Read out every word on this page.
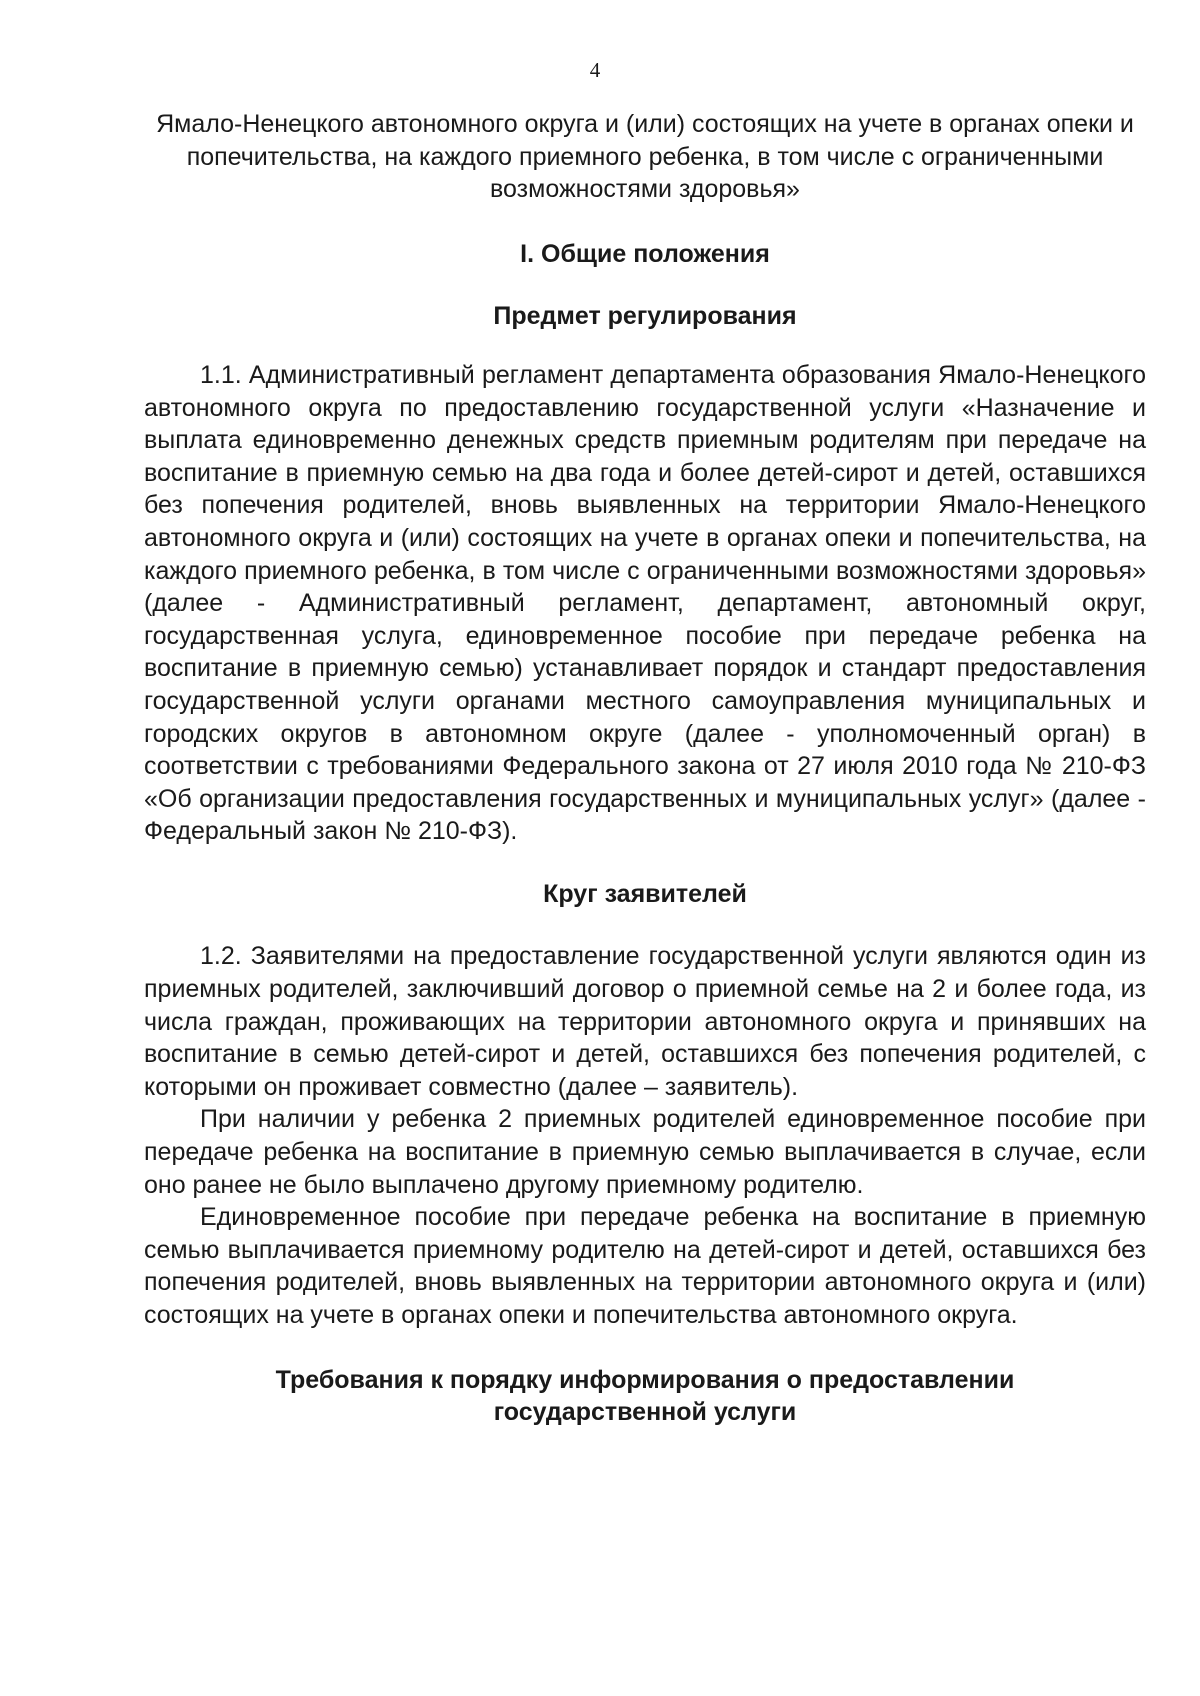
4

Ямало-Ненецкого автономного округа и (или) состоящих на учете в органах опеки и попечительства, на каждого приемного ребенка, в том числе с ограниченными возможностями здоровья»

I. Общие положения

Предмет регулирования

1.1. Административный регламент департамента образования Ямало-Ненецкого автономного округа по предоставлению государственной услуги «Назначение и выплата единовременно денежных средств приемным родителям при передаче на воспитание в приемную семью на два года и более детей-сирот и детей, оставшихся без попечения родителей, вновь выявленных на территории Ямало-Ненецкого автономного округа и (или) состоящих на учете в органах опеки и попечительства, на каждого приемного ребенка, в том числе с ограниченными возможностями здоровья» (далее - Административный регламент, департамент, автономный округ, государственная услуга, единовременное пособие при передаче ребенка на воспитание в приемную семью) устанавливает порядок и стандарт предоставления государственной услуги органами местного самоуправления муниципальных и городских округов в автономном округе (далее - уполномоченный орган) в соответствии с требованиями Федерального закона от 27 июля 2010 года № 210-ФЗ «Об организации предоставления государственных и муниципальных услуг» (далее - Федеральный закон № 210-ФЗ).

Круг заявителей

1.2. Заявителями на предоставление государственной услуги являются один из приемных родителей, заключивший договор о приемной семье на 2 и более года, из числа граждан, проживающих на территории автономного округа и принявших на воспитание в семью детей-сирот и детей, оставшихся без попечения родителей, с которыми он проживает совместно (далее – заявитель).

При наличии у ребенка 2 приемных родителей единовременное пособие при передаче ребенка на воспитание в приемную семью выплачивается в случае, если оно ранее не было выплачено другому приемному родителю.

Единовременное пособие при передаче ребенка на воспитание в приемную семью выплачивается приемному родителю на детей-сирот и детей, оставшихся без попечения родителей, вновь выявленных на территории автономного округа и (или) состоящих на учете в органах опеки и попечительства автономного округа.

Требования к порядку информирования о предоставлении
государственной услуги
